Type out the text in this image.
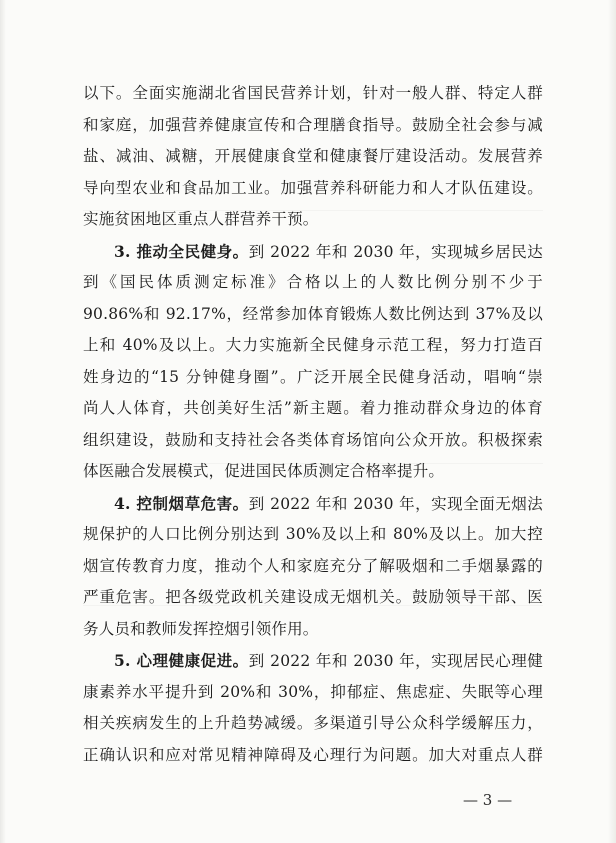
以下。全面实施湖北省国民营养计划，针对一般人群、特定人群
和家庭，加强营养健康宣传和合理膳食指导。鼓励全社会参与减
盐、减油、减糖，开展健康食堂和健康餐厅建设活动。发展营养
导向型农业和食品加工业。加强营养科研能力和人才队伍建设。
实施贫困地区重点人群营养干预。
3. 推动全民健身。到 2022 年和 2030 年，实现城乡居民达
到《国民体质测定标准》合格以上的人数比例分别不少于
90.86%和 92.17%，经常参加体育锻炼人数比例达到 37%及以
上和 40%及以上。大力实施新全民健身示范工程，努力打造百
姓身边的“15 分钟健身圈”。广泛开展全民健身活动，唱响“崇
尚人人体育，共创美好生活”新主题。着力推动群众身边的体育
组织建设，鼓励和支持社会各类体育场馆向公众开放。积极探索
体医融合发展模式，促进国民体质测定合格率提升。
4. 控制烟草危害。到 2022 年和 2030 年，实现全面无烟法
规保护的人口比例分别达到 30%及以上和 80%及以上。加大控
烟宣传教育力度，推动个人和家庭充分了解吸烟和二手烟暴露的
严重危害。把各级党政机关建设成无烟机关。鼓励领导干部、医
务人员和教师发挥控烟引领作用。
5. 心理健康促进。到 2022 年和 2030 年，实现居民心理健
康素养水平提升到 20%和 30%，抑郁症、焦虑症、失眠等心理
相关疾病发生的上升趋势减缓。多渠道引导公众科学缓解压力，
正确认识和应对常见精神障碍及心理行为问题。加大对重点人群
— 3 —
